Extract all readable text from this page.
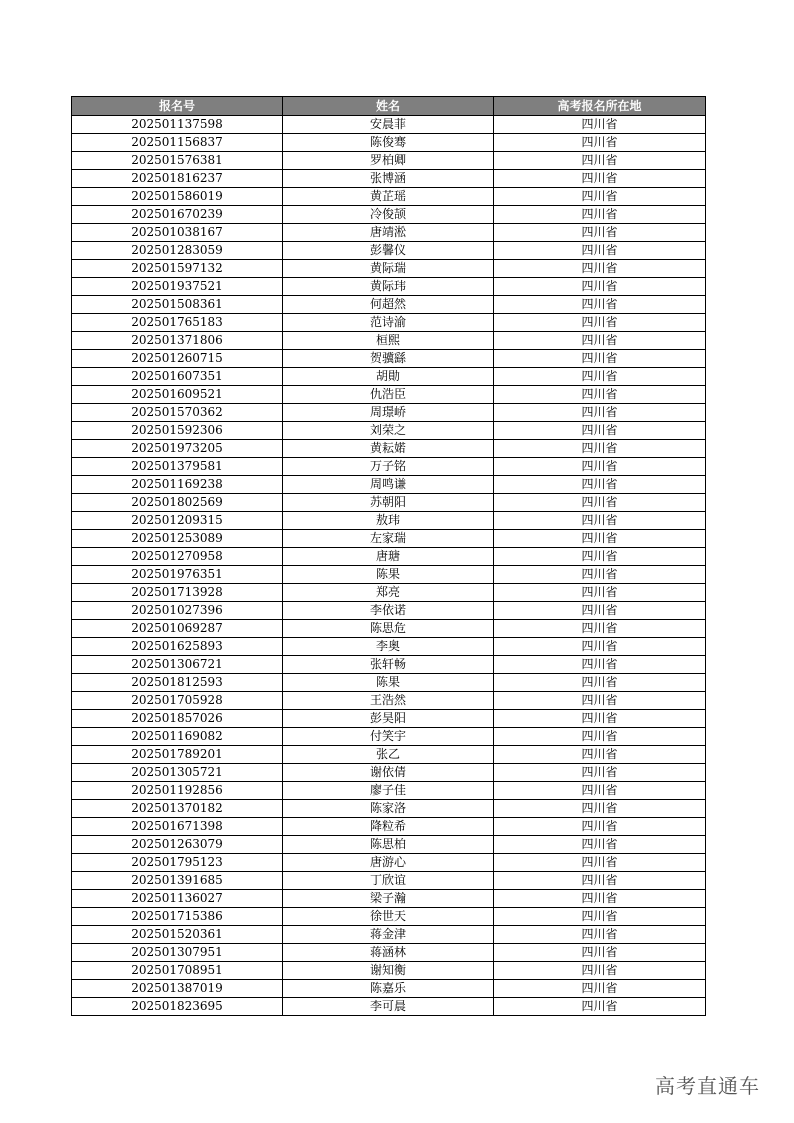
报名号	姓名	高考报名所在地
202501137598	安晨菲	四川省
202501156837	陈俊骞	四川省
202501576381	罗柏卿	四川省
202501816237	张博涵	四川省
202501586019	黄芷瑶	四川省
202501670239	冷俊颉	四川省
202501038167	唐靖淞	四川省
202501283059	彭馨仪	四川省
202501597132	黄际瑞	四川省
202501937521	黄际玮	四川省
202501508361	何超然	四川省
202501765183	范诗渝	四川省
202501371806	桓熙	四川省
202501260715	贺骥繇	四川省
202501607351	胡勛	四川省
202501609521	仇浩臣	四川省
202501570362	周璟峤	四川省
202501592306	刘荣之	四川省
202501973205	黄耘婼	四川省
202501379581	万子铭	四川省
202501169238	周鸣谦	四川省
202501802569	苏朝阳	四川省
202501209315	敖玮	四川省
202501253089	左家瑞	四川省
202501270958	唐瑭	四川省
202501976351	陈果	四川省
202501713928	郑亮	四川省
202501027396	李依诺	四川省
202501069287	陈思危	四川省
202501625893	李奥	四川省
202501306721	张轩畅	四川省
202501812593	陈果	四川省
202501705928	王浩然	四川省
202501857026	彭昊阳	四川省
202501169082	付笑宇	四川省
202501789201	张乙	四川省
202501305721	谢依倩	四川省
202501192856	廖子佳	四川省
202501370182	陈家洛	四川省
202501671398	降粒希	四川省
202501263079	陈思柏	四川省
202501795123	唐游心	四川省
202501391685	丁欣谊	四川省
202501136027	梁子瀚	四川省
202501715386	徐世天	四川省
202501520361	蒋金津	四川省
202501307951	蒋涵林	四川省
202501708951	谢知衡	四川省
202501387019	陈嘉乐	四川省
202501823695	李可晨	四川省
高考直通车
